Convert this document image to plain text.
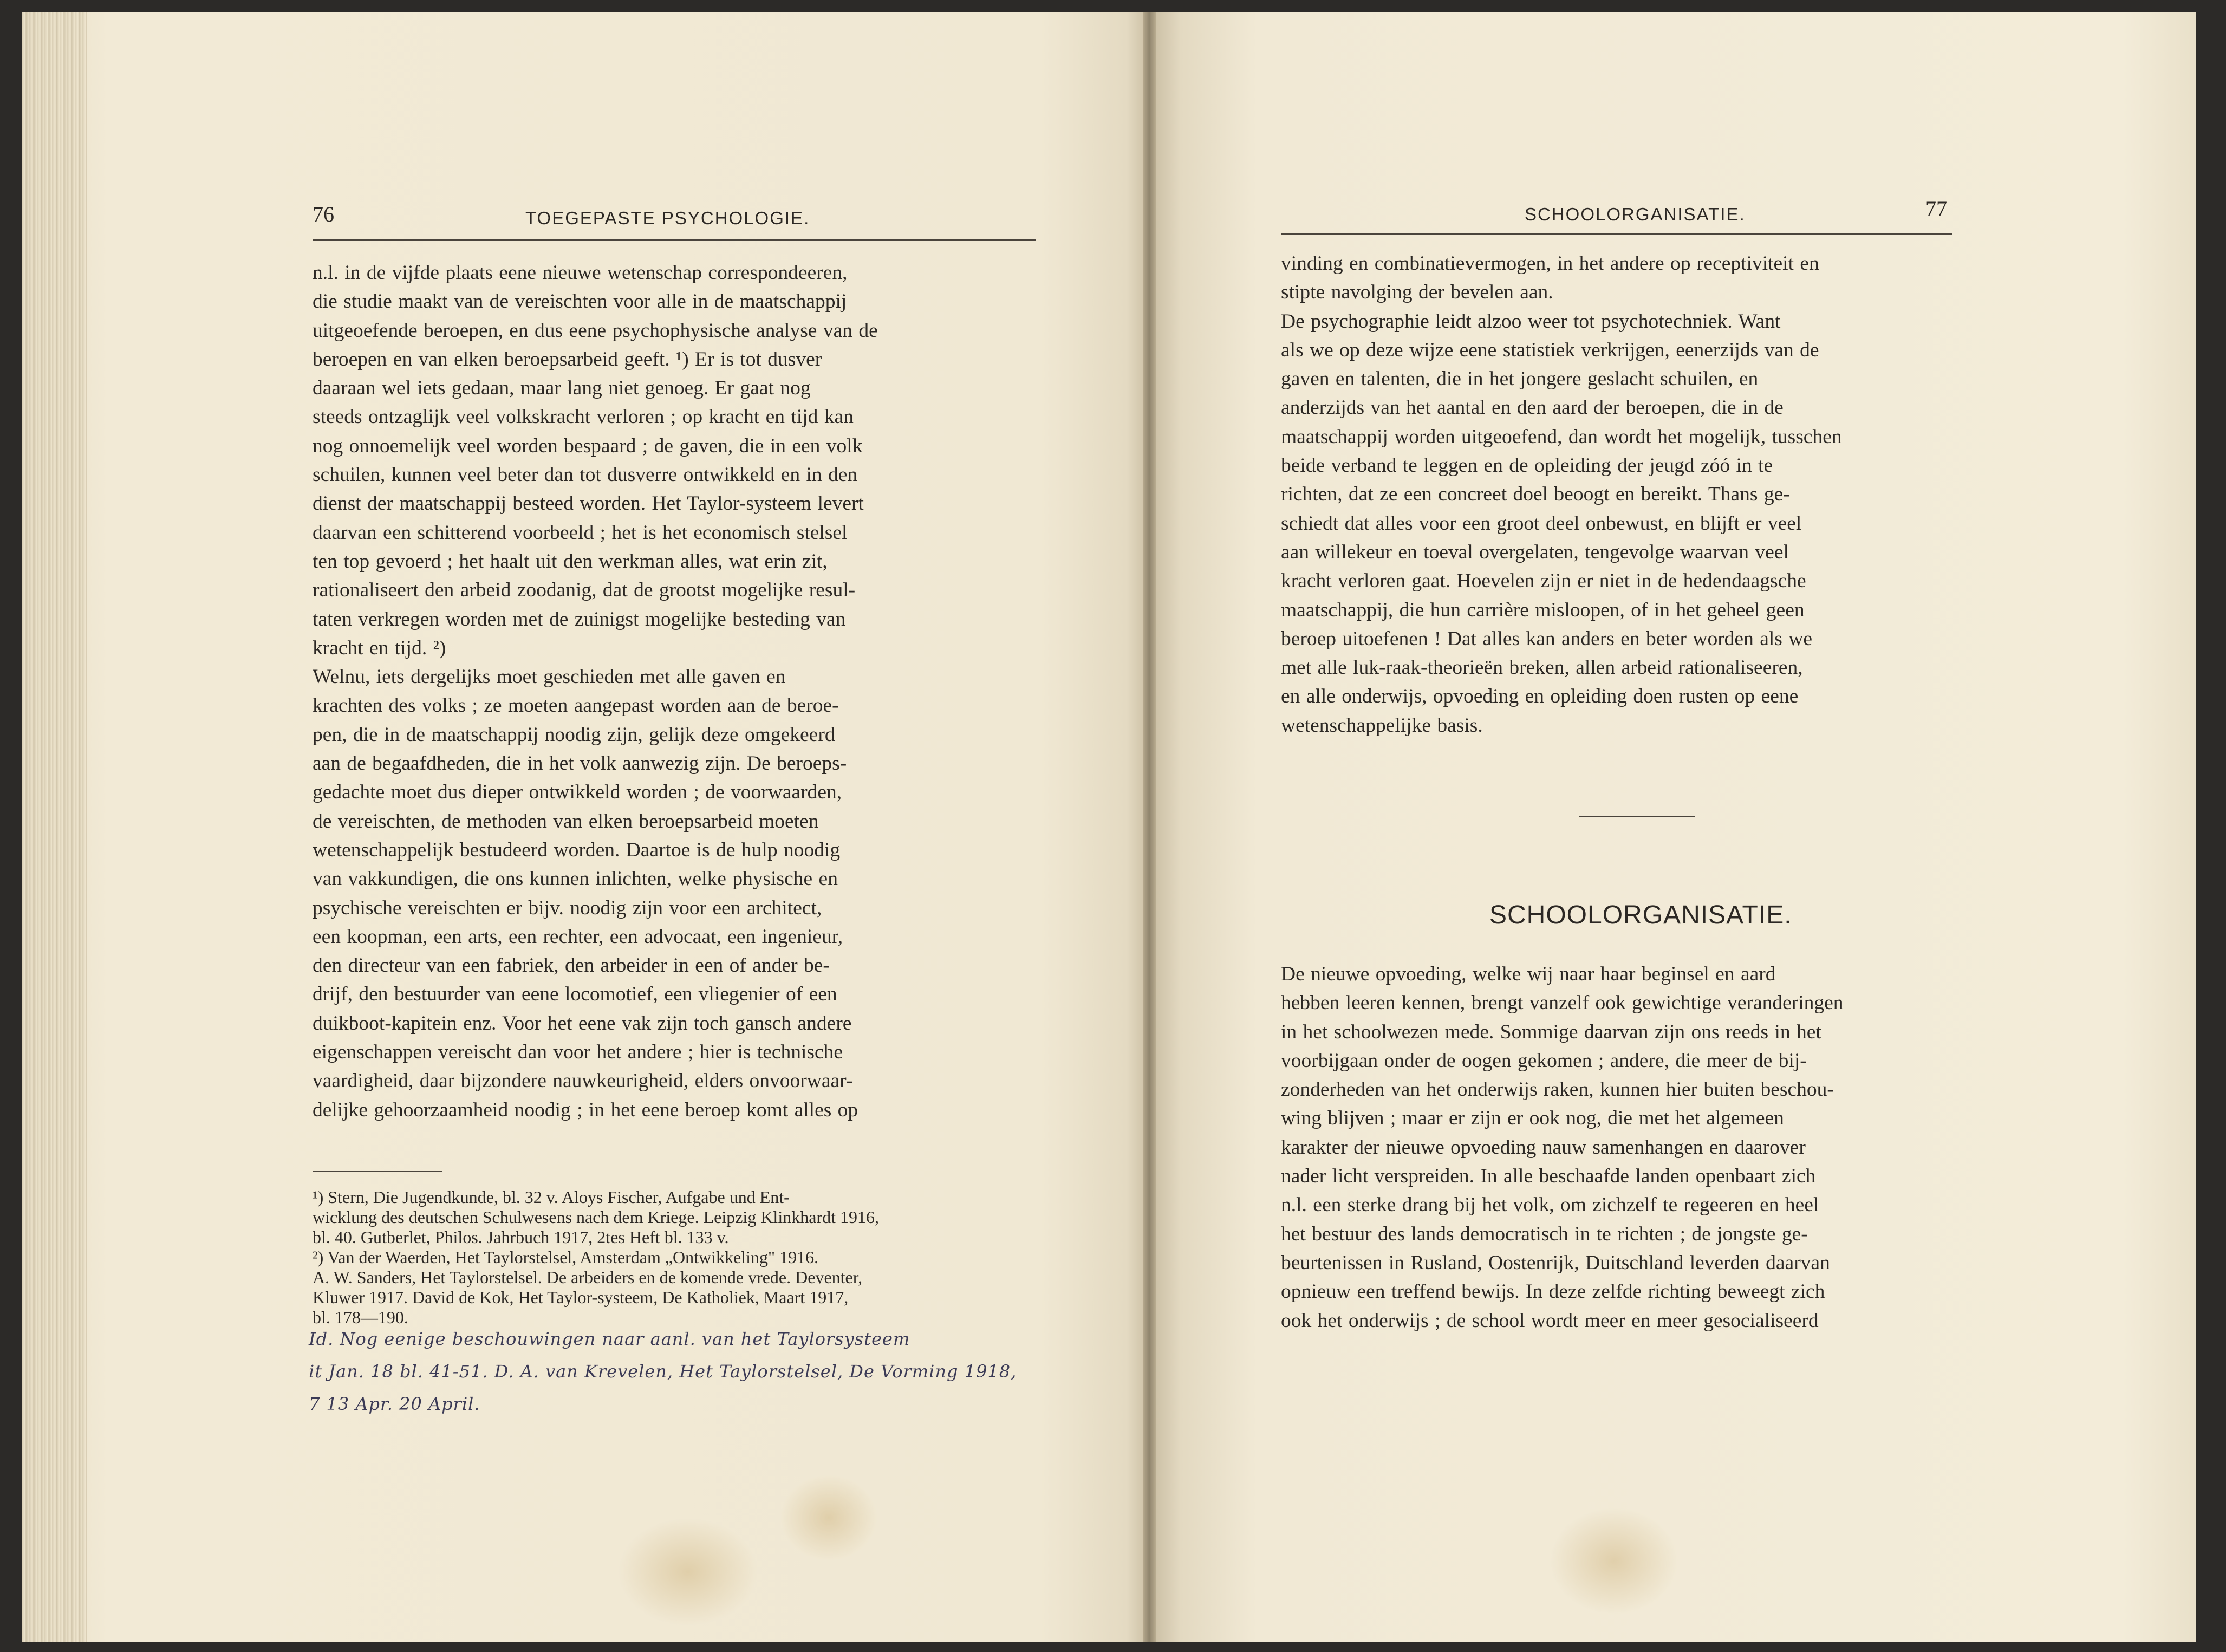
76	TOEGEPASTE PSYCHOLOGIE.
n.l. in de vijfde plaats eene nieuwe wetenschap correspondeeren,
die studie maakt van de vereischten voor alle in de maatschappij
uitgeoefende beroepen, en dus eene psychophysische analyse van de
beroepen en van elken beroepsarbeid geeft. ¹) Er is tot dusver
daaraan wel iets gedaan, maar lang niet genoeg. Er gaat nog
steeds ontzaglijk veel volkskracht verloren ; op kracht en tijd kan
nog onnoemelijk veel worden bespaard ; de gaven, die in een volk
schuilen, kunnen veel beter dan tot dusverre ontwikkeld en in den
dienst der maatschappij besteed worden. Het Taylor-systeem levert
daarvan een schitterend voorbeeld ; het is het economisch stelsel
ten top gevoerd ; het haalt uit den werkman alles, wat erin zit,
rationaliseert den arbeid zoodanig, dat de grootst mogelijke resul-
taten verkregen worden met de zuinigst mogelijke besteding van
kracht en tijd. ²)
Welnu, iets dergelijks moet geschieden met alle gaven en
krachten des volks ; ze moeten aangepast worden aan de beroe-
pen, die in de maatschappij noodig zijn, gelijk deze omgekeerd
aan de begaafdheden, die in het volk aanwezig zijn. De beroeps-
gedachte moet dus dieper ontwikkeld worden ; de voorwaarden,
de vereischten, de methoden van elken beroepsarbeid moeten
wetenschappelijk bestudeerd worden. Daartoe is de hulp noodig
van vakkundigen, die ons kunnen inlichten, welke physische en
psychische vereischten er bijv. noodig zijn voor een architect,
een koopman, een arts, een rechter, een advocaat, een ingenieur,
den directeur van een fabriek, den arbeider in een of ander be-
drijf, den bestuurder van eene locomotief, een vliegenier of een
duikboot-kapitein enz. Voor het eene vak zijn toch gansch andere
eigenschappen vereischt dan voor het andere ; hier is technische
vaardigheid, daar bijzondere nauwkeurigheid, elders onvoorwaar-
delijke gehoorzaamheid noodig ; in het eene beroep komt alles op
¹) Stern, Die Jugendkunde, bl. 32 v. Aloys Fischer, Aufgabe und Ent-
wicklung des deutschen Schulwesens nach dem Kriege. Leipzig Klinkhardt 1916,
bl. 40. Gutberlet, Philos. Jahrbuch 1917, 2tes Heft bl. 133 v.
²) Van der Waerden, Het Taylorstelsel, Amsterdam „Ontwikkeling" 1916.
A. W. Sanders, Het Taylorstelsel. De arbeiders en de komende vrede. Deventer,
Kluwer 1917. David de Kok, Het Taylor-systeem, De Katholiek, Maart 1917,
bl. 178—190.
Id. Nog eenige beschouwingen naar aanl. van het Taylorsysteem
it Jan. 18 bl. 41-51. D. A. van Krevelen, Het Taylorstelsel, De Vorming 1918,
7 13 Apr. 20 April.
SCHOOLORGANISATIE.	77
vinding en combinatievermogen, in het andere op receptiviteit en
stipte navolging der bevelen aan.
De psychographie leidt alzoo weer tot psychotechniek. Want
als we op deze wijze eene statistiek verkrijgen, eenerzijds van de
gaven en talenten, die in het jongere geslacht schuilen, en
anderzijds van het aantal en den aard der beroepen, die in de
maatschappij worden uitgeoefend, dan wordt het mogelijk, tusschen
beide verband te leggen en de opleiding der jeugd zóó in te
richten, dat ze een concreet doel beoogt en bereikt. Thans ge-
schiedt dat alles voor een groot deel onbewust, en blijft er veel
aan willekeur en toeval overgelaten, tengevolge waarvan veel
kracht verloren gaat. Hoevelen zijn er niet in de hedendaagsche
maatschappij, die hun carrière misloopen, of in het geheel geen
beroep uitoefenen ! Dat alles kan anders en beter worden als we
met alle luk-raak-theorieën breken, allen arbeid rationaliseeren,
en alle onderwijs, opvoeding en opleiding doen rusten op eene
wetenschappelijke basis.
SCHOOLORGANISATIE.
De nieuwe opvoeding, welke wij naar haar beginsel en aard
hebben leeren kennen, brengt vanzelf ook gewichtige veranderingen
in het schoolwezen mede. Sommige daarvan zijn ons reeds in het
voorbijgaan onder de oogen gekomen ; andere, die meer de bij-
zonderheden van het onderwijs raken, kunnen hier buiten beschou-
wing blijven ; maar er zijn er ook nog, die met het algemeen
karakter der nieuwe opvoeding nauw samenhangen en daarover
nader licht verspreiden. In alle beschaafde landen openbaart zich
n.l. een sterke drang bij het volk, om zichzelf te regeeren en heel
het bestuur des lands democratisch in te richten ; de jongste ge-
beurtenissen in Rusland, Oostenrijk, Duitschland leverden daarvan
opnieuw een treffend bewijs. In deze zelfde richting beweegt zich
ook het onderwijs ; de school wordt meer en meer gesocialiseerd
